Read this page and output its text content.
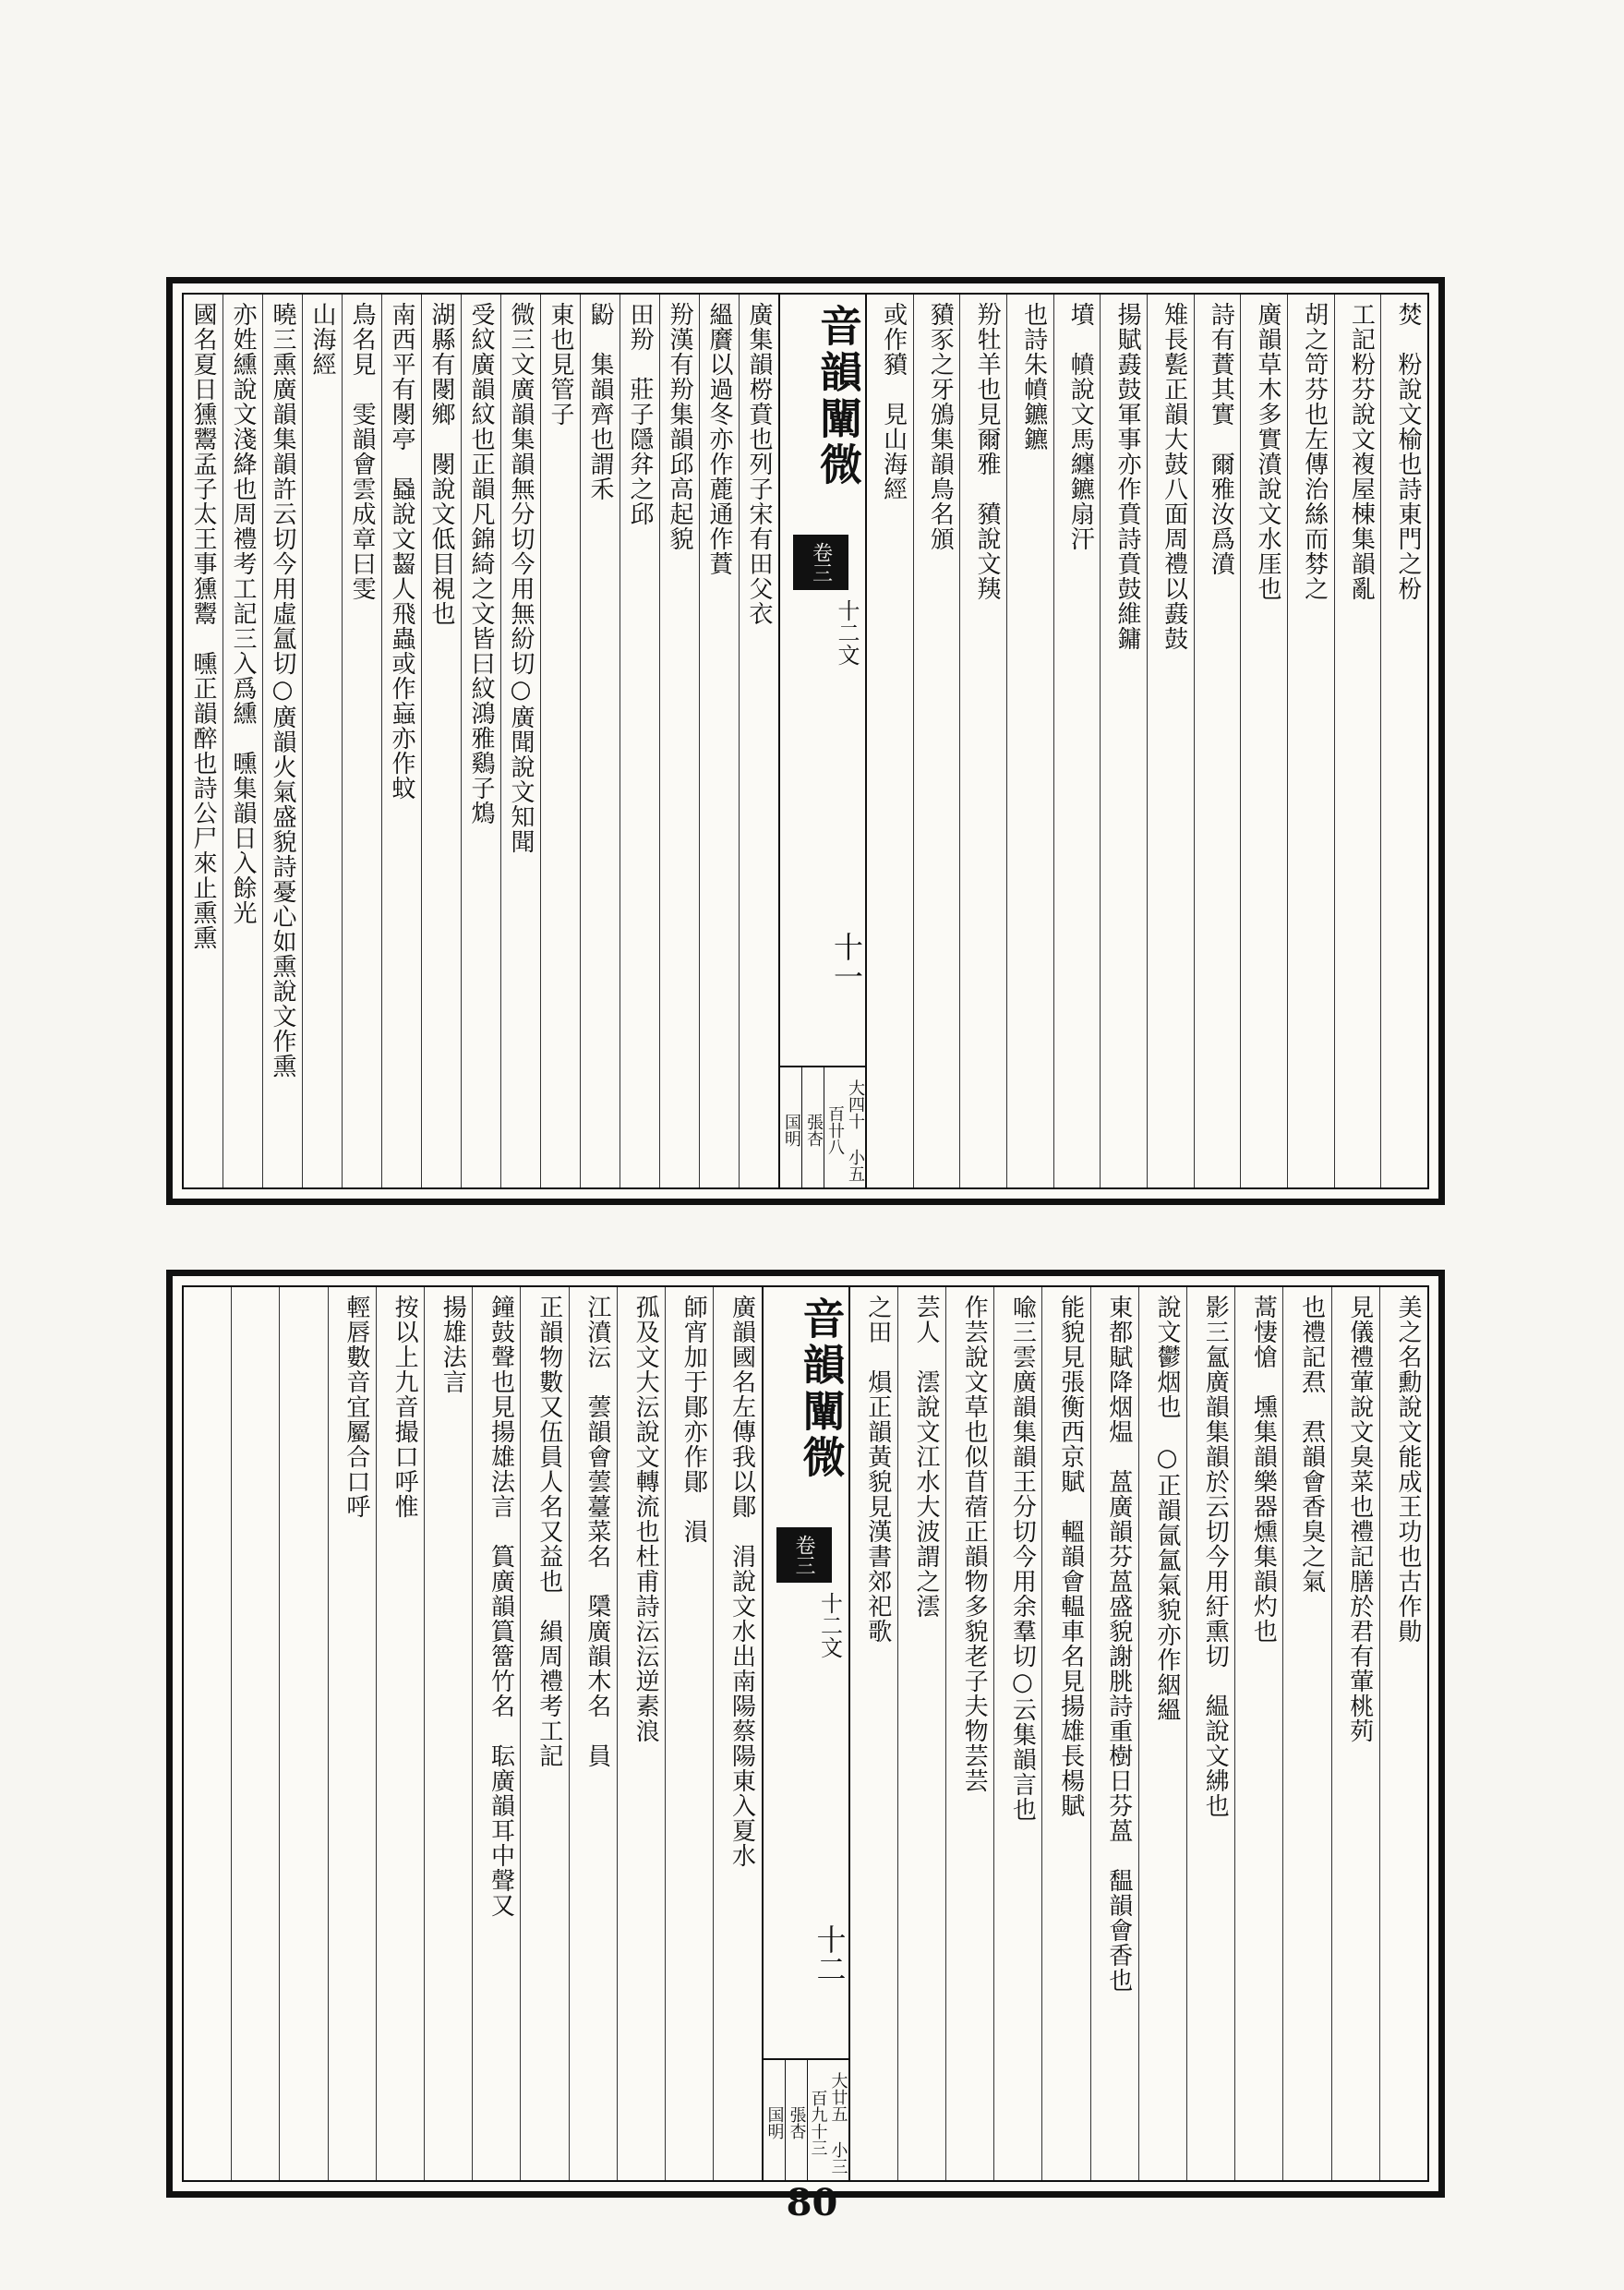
焚　粉說文榆也詩東門之枌
工記粉芬說文複屋棟集韻亂
胡之笴芬也左傳治絲而棼之
廣韻草木多實濆說文水厓也
詩有蕡其實　爾雅汝爲濆
雉長甏正韻大鼓八面周禮以鼖鼓
揚賦鼖鼓軍事亦作賁詩賁鼓維鏞
墳　幩說文馬纏鑣扇汗
也詩朱幩鑣鑣
羒牡羊也見爾雅　豶說文羠
豶豕之牙鳻集韻鳥名頒
或作豶　見山海經
音韻闡微
卷三
十二文
十一
大四十 小五百卄八
張杏
国明
廣集韻梤賁也列子宋有田父衣
縕黂以過冬亦作蔍通作蕡
羒漢有羒集韻邱高起貌
田羒　莊子隱弅之邱
鼢　集韻齊也謂禾
東也見管子
微三文廣韻集韻無分切今用無紛切○廣聞說文知聞
受紋廣韻紋也正韻凡錦綺之文皆曰紋鴻雅鷄子鴆
湖縣有閿鄉　閿說文低目視也
南西平有閿亭　蟁說文齧人飛蟲或作蝱亦作蚊
鳥名見　雯韻會雲成章曰雯
山海經
曉三熏廣韻集韻許云切今用虛氲切○廣韻火氣盛貌詩憂心如熏說文作熏
亦姓纁說文淺絳也周禮考工記三入爲纁　曛集韻日入餘光
國名夏日獯鬻孟子太王事獯鬻　曛正韻醉也詩公尸來止熏熏
美之名勳說文能成王功也古作勛
見儀禮葷說文臭菜也禮記膳於君有葷桃茢
也禮記焄　焄韻會香臭之氣
蒿悽愴　壎集韻樂器燻集韻灼也
影三氳廣韻集韻於云切今用紆熏切　緼說文紼也
說文鬱烟也　○正韻氤氳氣貌亦作絪縕
東都賦降烟煴　蒕廣韻芬蒕盛貌謝朓詩重樹日芬蒕　馧韻會香也
能貌見張衡西京賦　轀韻會輼車名見揚雄長楊賦
喩三雲廣韻集韻王分切今用余羣切○云集韻言也
作芸說文草也似苜蓿正韻物多貌老子夫物芸芸
芸人　澐說文江水大波謂之澐
之田　熉正韻黃貌見漢書郊祀歌
音韻闡微
卷三
十二文
十二
大廿五 小三百九十三
張杏
国明
廣韻國名左傳我以鄖　涓說文水出南陽蔡陽東入夏水
師宵加于鄖亦作鄖　溳
孤及文大沄說文轉流也杜甫詩沄沄逆素浪
江濆沄　蕓韻會蕓薹菜名　檃廣韻木名　員
正韻物數又伍員人名又益也　縜周禮考工記
鐘鼓聲也見揚雄法言　篔廣韻篔簹竹名　耺廣韻耳中聲又
揚雄法言
按以上九音撮口呼惟
輕唇數音宜屬合口呼
80
